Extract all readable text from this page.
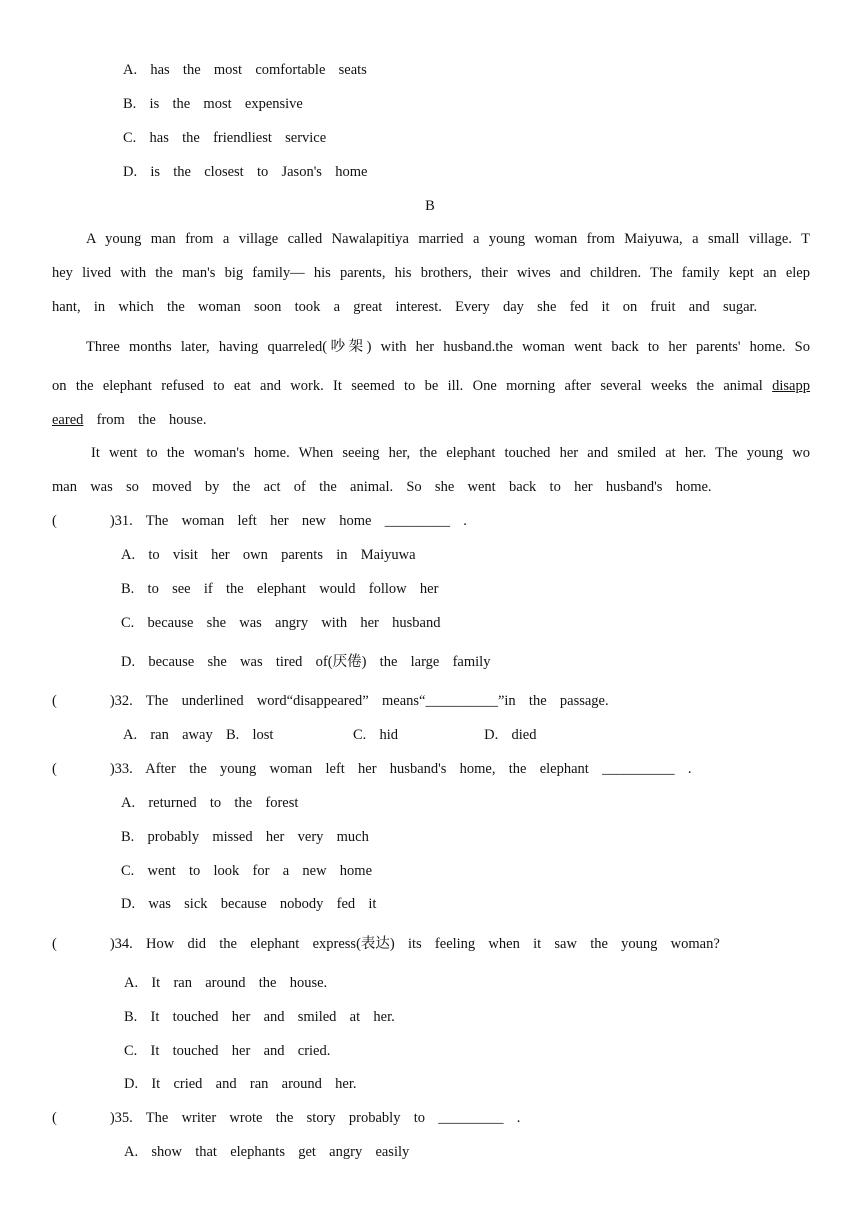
A.  has  the  most  comfortable  seats
B.  is  the  most  expensive
C.  has  the  friendliest  service
D.  is  the  closest  to  Jason's  home
B
A young man from a village called Nawalapitiya married a young woman from Maiyuwa, a small village. T
hey lived with the man's big family— his parents, his brothers, their wives and children. The family kept an elep
hant,  in  which  the  woman  soon  took  a  great  interest.  Every  day  she  fed  it  on  fruit  and  sugar.
Three months later, having quarreled(吵架) with her husband.the woman went back to her parents' home. So
on the elephant refused to eat and work. It seemed to be ill. One morning after several weeks the animal disapp
eared  from  the  house.
It went to the woman's home. When seeing her, the elephant touched her and smiled at her. The young wo
man  was  so  moved  by  the  act  of  the  animal.  So  she  went  back  to  her  husband's  home.
(        )31.  The  woman  left  her  new  home  _________  .
A.  to  visit  her  own  parents  in  Maiyuwa
B.  to  see  if  the  elephant  would  follow  her
C.  because  she  was  angry  with  her  husband
D.  because  she  was  tired  of(厌倦)  the  large  family
(        )32.  The  underlined  word“disappeared”  means“__________”in  the  passage.
A.  ran  away  B.  lost            C.  hid             D.  died
(        )33.  After  the  young  woman  left  her  husband's  home,  the  elephant  __________  .
A.  returned  to  the  forest
B.  probably  missed  her  very  much
C.  went  to  look  for  a  new  home
D.  was  sick  because  nobody  fed  it
(        )34.  How  did  the  elephant  express(表达)  its  feeling  when  it  saw  the  young  woman?
A.  It  ran  around  the  house.
B.  It  touched  her  and  smiled  at  her.
C.  It  touched  her  and  cried.
D.  It  cried  and  ran  around  her.
(        )35.  The  writer  wrote  the  story  probably  to  _________  .
A.  show  that  elephants  get  angry  easily
